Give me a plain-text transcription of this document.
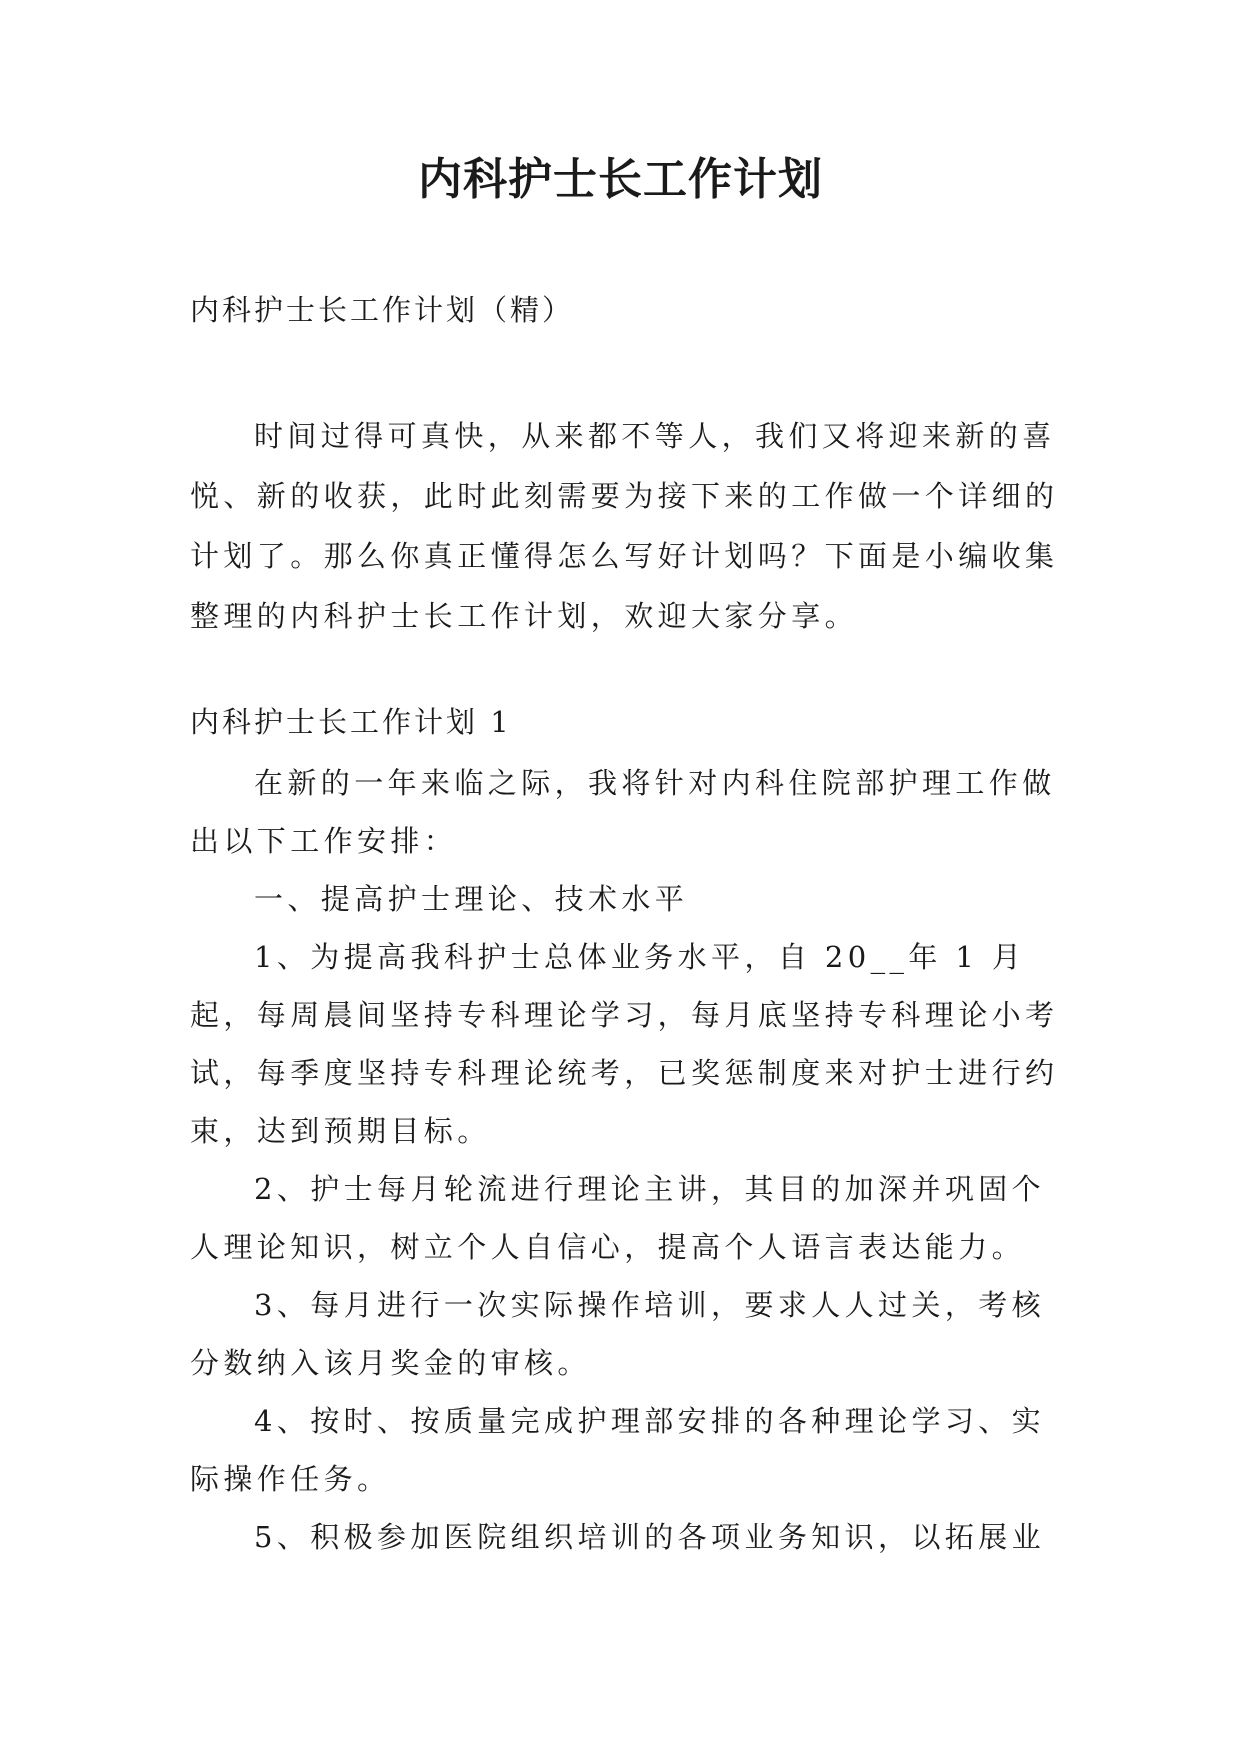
内科护士长工作计划

内科护士长工作计划（精）

时间过得可真快，从来都不等人，我们又将迎来新的喜悦、新的收获，此时此刻需要为接下来的工作做一个详细的计划了。那么你真正懂得怎么写好计划吗？下面是小编收集整理的内科护士长工作计划，欢迎大家分享。

内科护士长工作计划 1

在新的一年来临之际，我将针对内科住院部护理工作做出以下工作安排：

一、提高护士理论、技术水平

1、为提高我科护士总体业务水平，自 20__年 1 月起，每周晨间坚持专科理论学习，每月底坚持专科理论小考试，每季度坚持专科理论统考，已奖惩制度来对护士进行约束，达到预期目标。

2、护士每月轮流进行理论主讲，其目的加深并巩固个人理论知识，树立个人自信心，提高个人语言表达能力。

3、每月进行一次实际操作培训，要求人人过关，考核分数纳入该月奖金的审核。

4、按时、按质量完成护理部安排的各种理论学习、实际操作任务。

5、积极参加医院组织培训的各项业务知识，以拓展业
